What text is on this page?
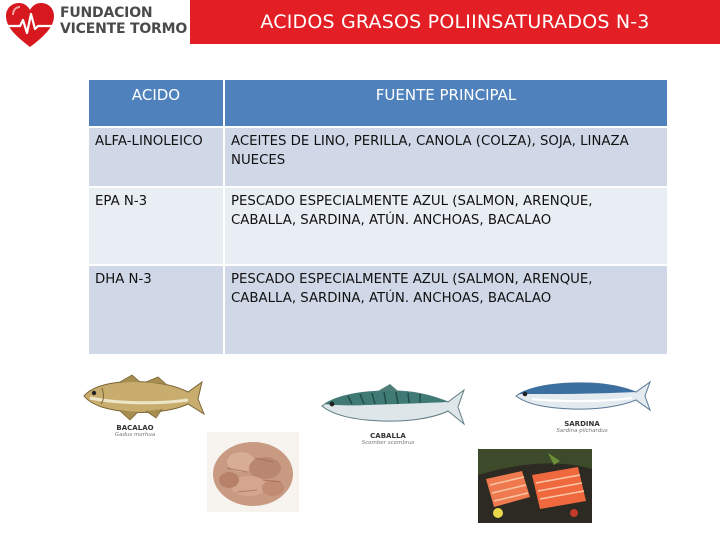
FUNDACION
VICENTE TORMO	ACIDOS GRASOS POLIINSATURADOS N-3
ACIDO	FUENTE PRINCIPAL
ALFA-LINOLEICO	ACEITES DE LINO, PERILLA, CANOLA (COLZA), SOJA, LINAZA NUECES
EPA N-3	PESCADO ESPECIALMENTE AZUL (SALMON, ARENQUE, CABALLA, SARDINA, ATÚN. ANCHOAS, BACALAO
DHA N-3	PESCADO ESPECIALMENTE AZUL (SALMON, ARENQUE, CABALLA, SARDINA, ATÚN. ANCHOAS, BACALAO
BACALAO
Gadus morhua	CABALLA
Scomber scombrus
SARDINA
Sardina pilchardus
